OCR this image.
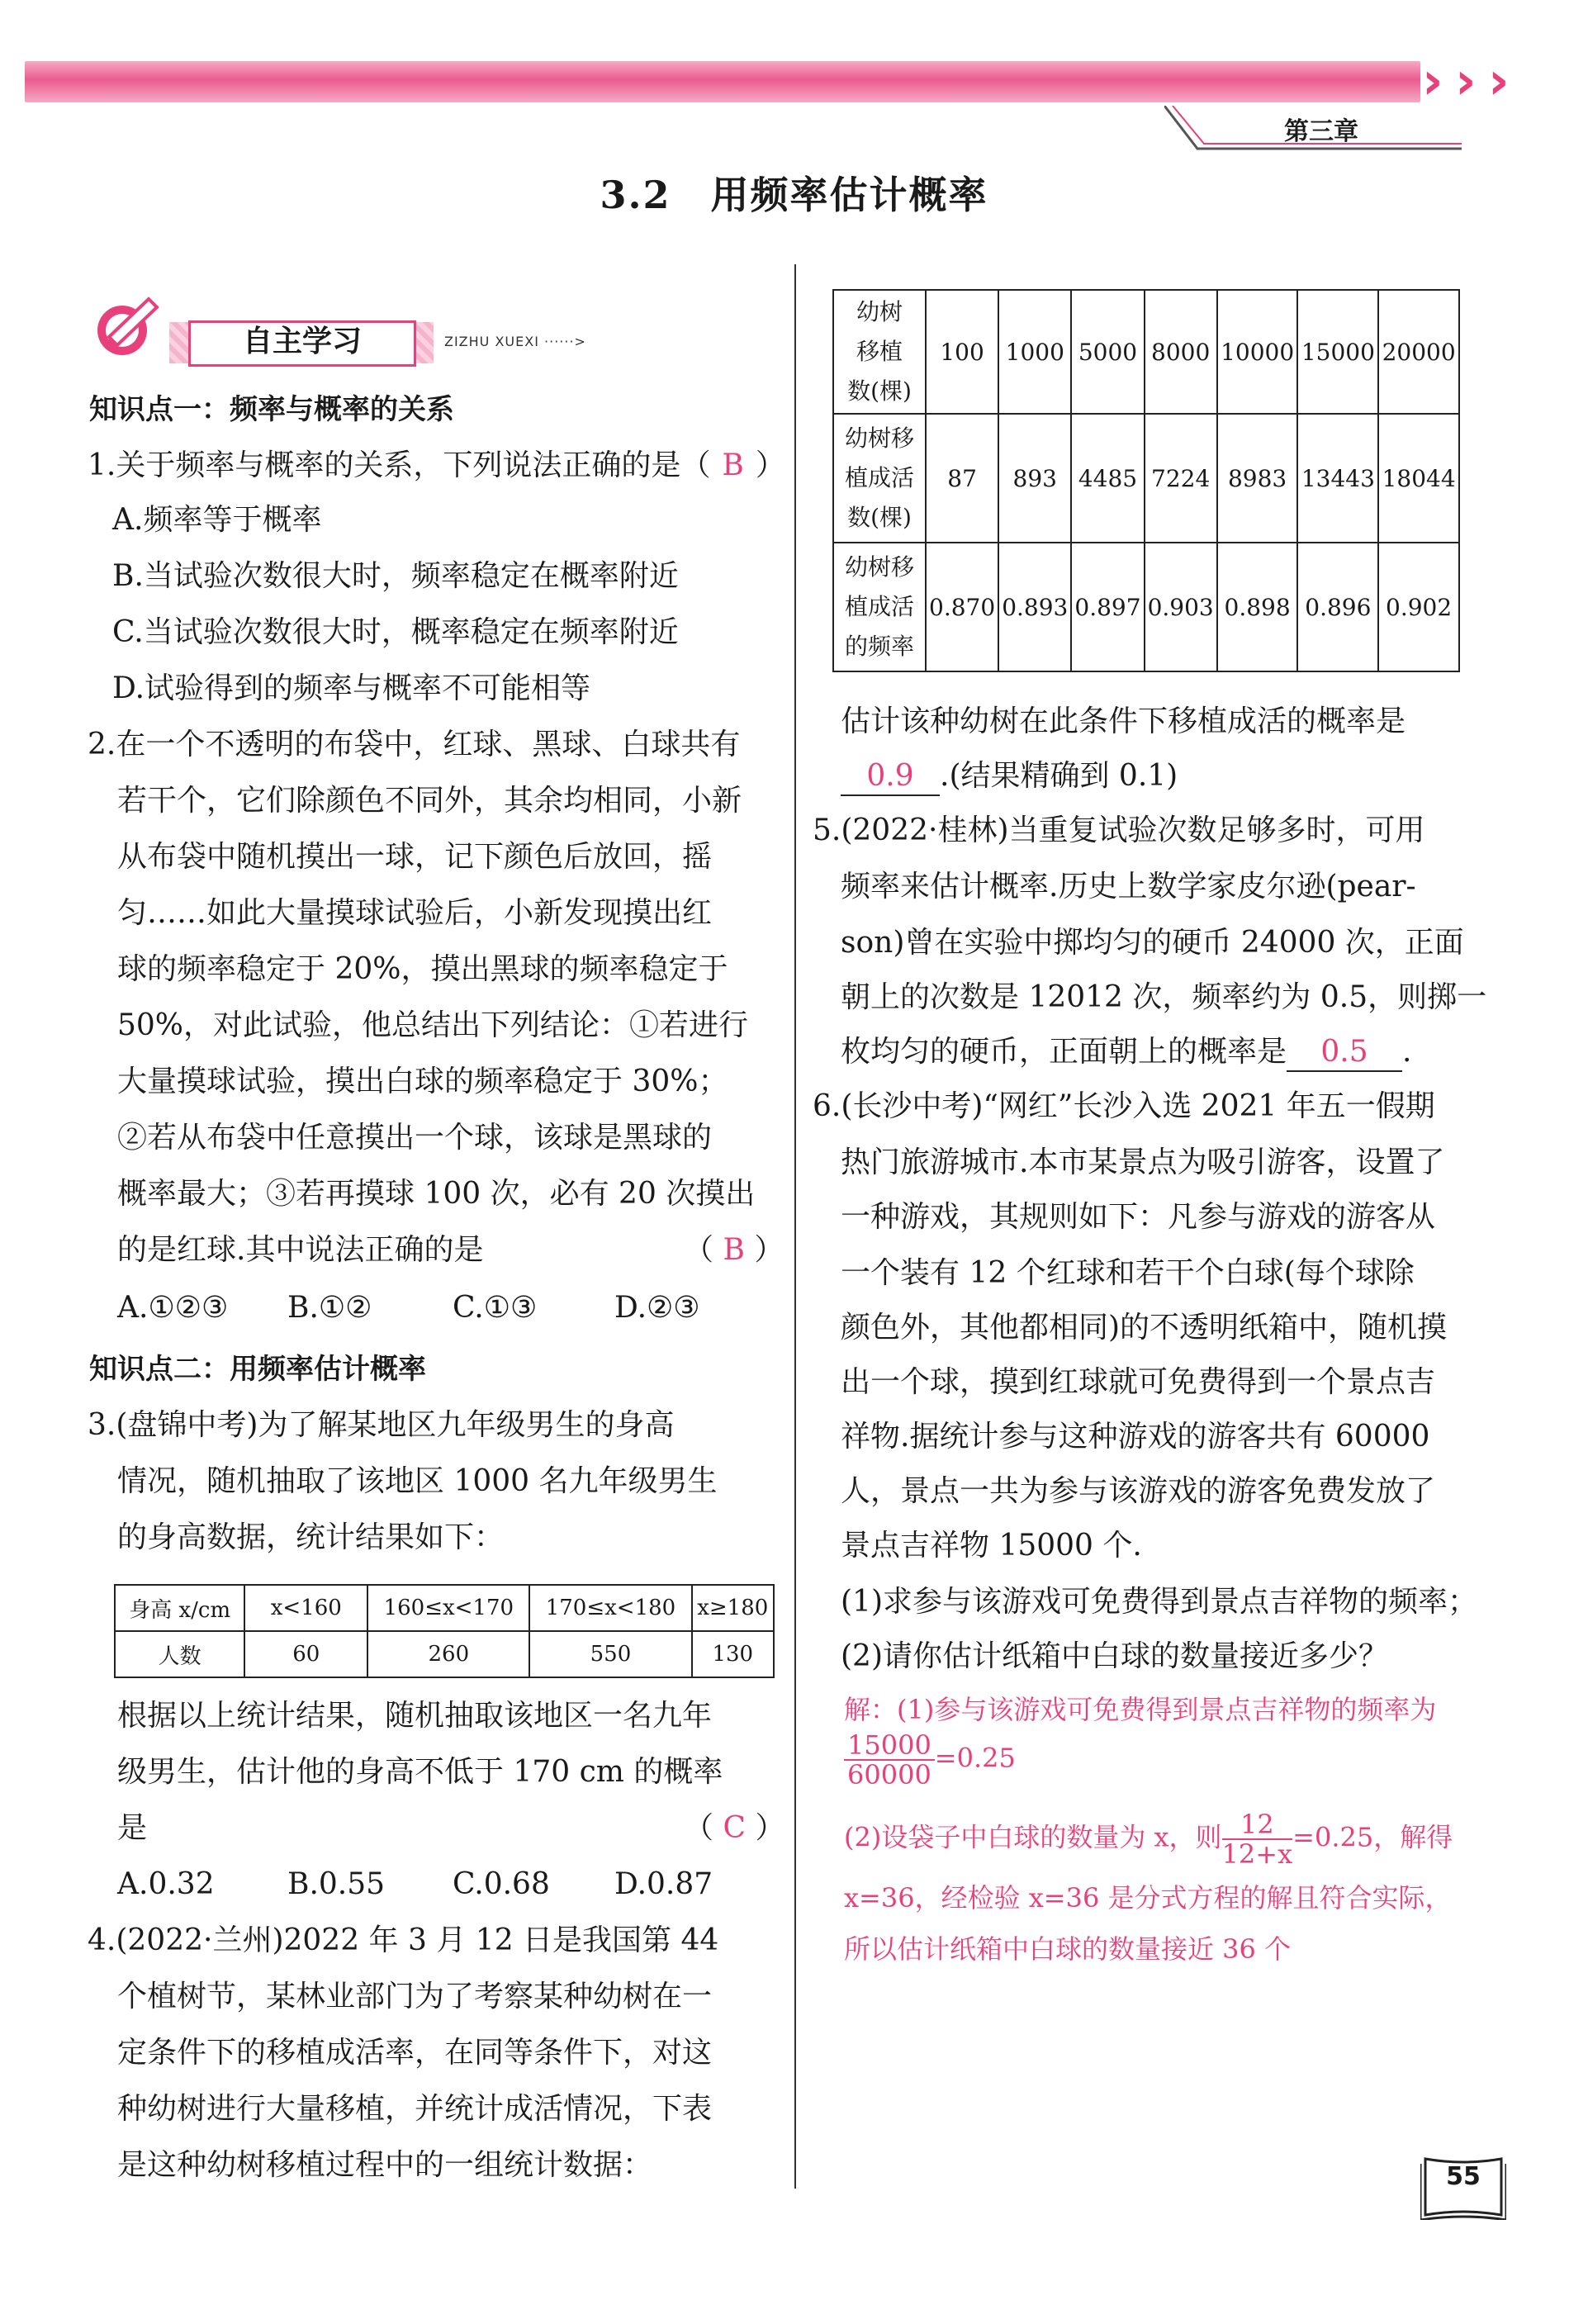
› › ›
第三章
3.2　用频率估计概率
自主学习	ZIZHU XUEXI ······>
知识点一：频率与概率的关系
1.关于频率与概率的关系，下列说法正确的是（ B ）
A.频率等于概率
B.当试验次数很大时，频率稳定在概率附近
C.当试验次数很大时，概率稳定在频率附近
D.试验得到的频率与概率不可能相等
2.在一个不透明的布袋中，红球、黑球、白球共有
若干个，它们除颜色不同外，其余均相同，小新
从布袋中随机摸出一球，记下颜色后放回，摇
匀……如此大量摸球试验后，小新发现摸出红
球的频率稳定于 20%，摸出黑球的频率稳定于
50%，对此试验，他总结出下列结论：①若进行
大量摸球试验，摸出白球的频率稳定于 30%；
②若从布袋中任意摸出一个球，该球是黑球的
概率最大；③若再摸球 100 次，必有 20 次摸出
的是红球.其中说法正确的是	（ B ）
A.①②③ B.①②	C.①③	D.②③
知识点二：用频率估计概率
3.(盘锦中考)为了解某地区九年级男生的身高
情况，随机抽取了该地区 1000 名九年级男生
的身高数据，统计结果如下：
身高 x/cm	x<160	160≤x<170	170≤x<180	x≥180
人数	60	260	550	130
根据以上统计结果，随机抽取该地区一名九年
级男生，估计他的身高不低于 170 cm 的概率
是	（ C ）
A.0.32 B.0.55 C.0.68 D.0.87
4.(2022·兰州)2022 年 3 月 12 日是我国第 44
个植树节，某林业部门为了考察某种幼树在一
定条件下的移植成活率，在同等条件下，对这
种幼树进行大量移植，并统计成活情况，下表
是这种幼树移植过程中的一组统计数据：
幼树
移植
数(棵)	100	1000	5000	8000	10000	15000	20000

幼树移
植成活
数(棵)	87	893	4485	7224	8983	13443	18044

幼树移
植成活
的频率	0.870	0.893	0.897	0.903	0.898	0.896	0.902
估计该种幼树在此条件下移植成活的概率是
0.9 .(结果精确到 0.1)
5.(2022·桂林)当重复试验次数足够多时，可用
频率来估计概率.历史上数学家皮尔逊(pear-
son)曾在实验中掷均匀的硬币 24000 次，正面
朝上的次数是 12012 次，频率约为 0.5，则掷一
枚均匀的硬币，正面朝上的概率是 0.5 .
6.(长沙中考)“网红”长沙入选 2021 年五一假期
热门旅游城市.本市某景点为吸引游客，设置了
一种游戏，其规则如下：凡参与游戏的游客从
一个装有 12 个红球和若干个白球(每个球除
颜色外，其他都相同)的不透明纸箱中，随机摸
出一个球，摸到红球就可免费得到一个景点吉
祥物.据统计参与这种游戏的游客共有 60000
人，景点一共为参与该游戏的游客免费发放了
景点吉祥物 15000 个.
(1)求参与该游戏可免费得到景点吉祥物的频率；
(2)请你估计纸箱中白球的数量接近多少？
解：(1)参与该游戏可免费得到景点吉祥物的频率为
$\frac{15000}{60000} =0.25$
(2)设袋子中白球的数量为 x，则 $\frac{12}{12+x} =0.25$，解得
x=36，经检验 x=36 是分式方程的解且符合实际，
所以估计纸箱中白球的数量接近 36 个
55
